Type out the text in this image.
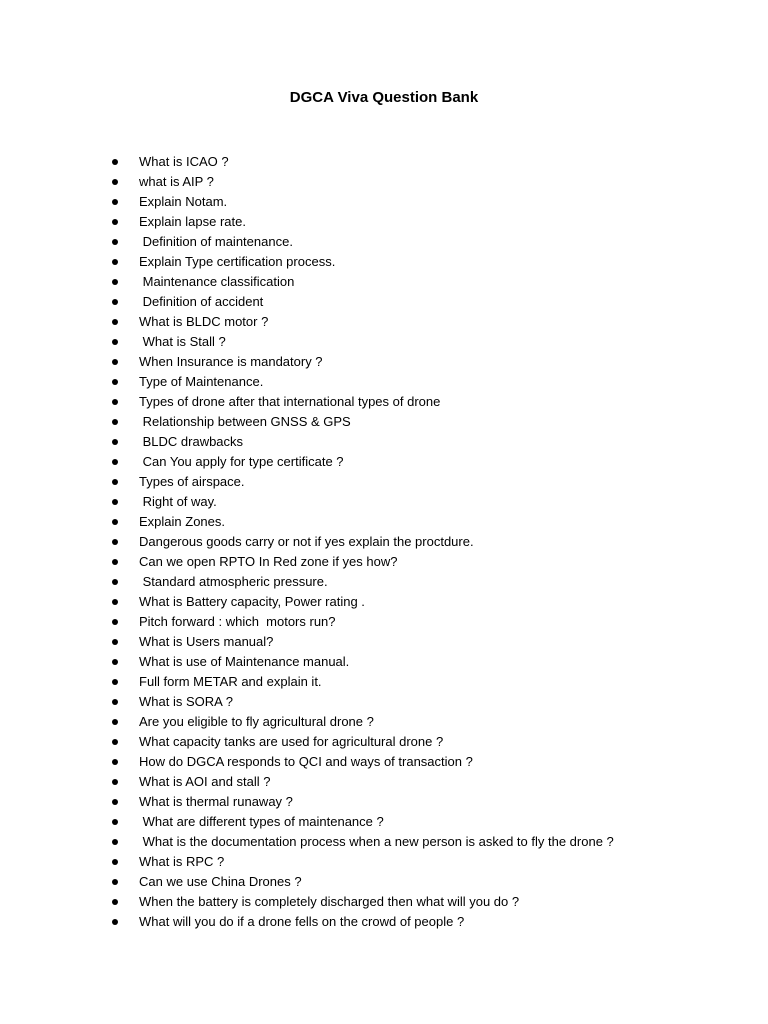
DGCA Viva Question Bank
What is ICAO ?
what is AIP ?
Explain Notam.
Explain lapse rate.
Definition of maintenance.
Explain Type certification process.
Maintenance classification
Definition of accident
What is BLDC motor ?
What is Stall ?
When Insurance is mandatory ?
Type of Maintenance.
Types of drone after that international types of drone
Relationship between GNSS & GPS
BLDC drawbacks
Can You apply for type certificate ?
Types of airspace.
Right of way.
Explain Zones.
Dangerous goods carry or not if yes explain the proctdure.
Can we open RPTO In Red zone if yes how?
Standard atmospheric pressure.
What is Battery capacity, Power rating .
Pitch forward : which  motors run?
What is Users manual?
What is use of Maintenance manual.
Full form METAR and explain it.
What is SORA ?
Are you eligible to fly agricultural drone ?
What capacity tanks are used for agricultural drone ?
How do DGCA responds to QCI and ways of transaction ?
What is AOI and stall ?
What is thermal runaway ?
What are different types of maintenance ?
What is the documentation process when a new person is asked to fly the drone ?
What is RPC ?
Can we use China Drones ?
When the battery is completely discharged then what will you do ?
What will you do if a drone fells on the crowd of people ?
